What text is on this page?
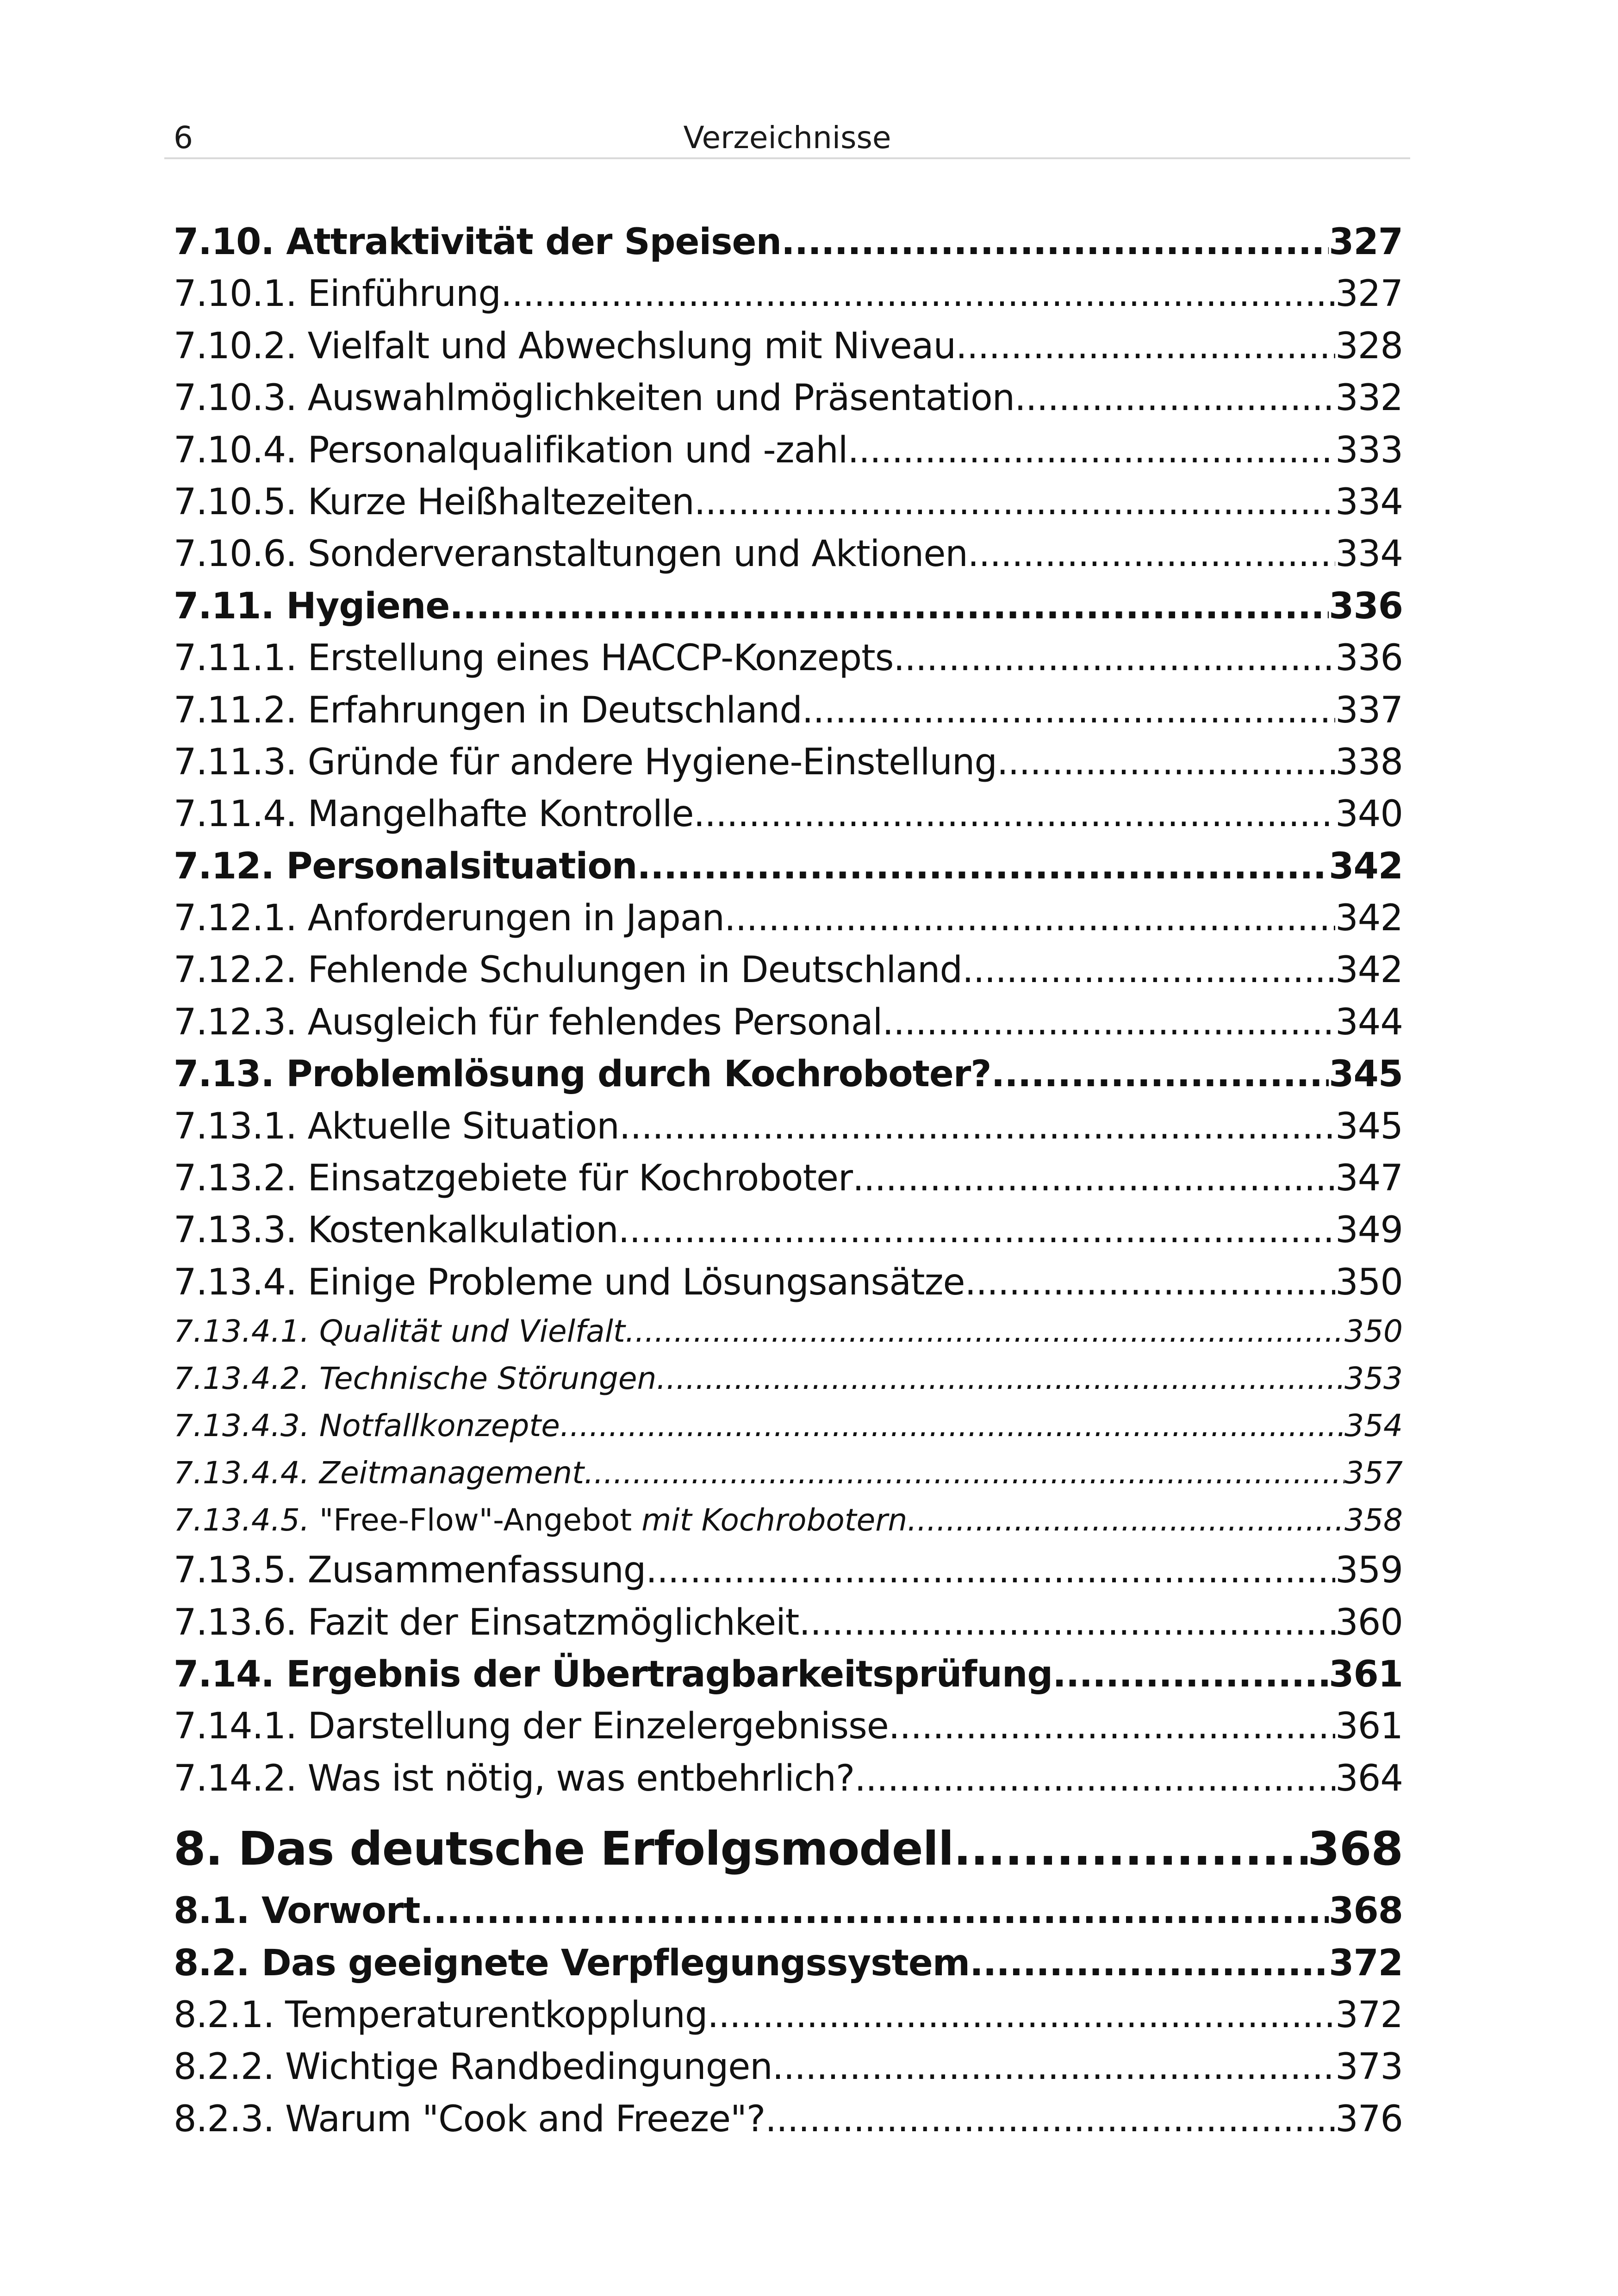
6	Verzeichnisse
7.10. Attraktivität der Speisen .....	327
7.10.1. Einführung .....	327
7.10.2. Vielfalt und Abwechslung mit Niveau .....	328
7.10.3. Auswahlmöglichkeiten und Präsentation .....	332
7.10.4. Personalqualifikation und -zahl .....	333
7.10.5. Kurze Heißhaltezeiten .....	334
7.10.6. Sonderveranstaltungen und Aktionen .....	334
7.11. Hygiene .....	336
7.11.1. Erstellung eines HACCP-Konzepts .....	336
7.11.2. Erfahrungen in Deutschland .....	337
7.11.3. Gründe für andere Hygiene-Einstellung .....	338
7.11.4. Mangelhafte Kontrolle .....	340
7.12. Personalsituation .....	342
7.12.1. Anforderungen in Japan .....	342
7.12.2. Fehlende Schulungen in Deutschland .....	342
7.12.3. Ausgleich für fehlendes Personal .....	344
7.13. Problemlösung durch Kochroboter? .....	345
7.13.1. Aktuelle Situation .....	345
7.13.2. Einsatzgebiete für Kochroboter .....	347
7.13.3. Kostenkalkulation .....	349
7.13.4. Einige Probleme und Lösungsansätze .....	350
7.13.4.1. Qualität und Vielfalt .....	350
7.13.4.2. Technische Störungen .....	353
7.13.4.3. Notfallkonzepte .....	354
7.13.4.4. Zeitmanagement .....	357
7.13.4.5. "Free-Flow"-Angebot mit Kochrobotern .....	358
7.13.5. Zusammenfassung .....	359
7.13.6. Fazit der Einsatzmöglichkeit .....	360
7.14. Ergebnis der Übertragbarkeitsprüfung .....	361
7.14.1. Darstellung der Einzelergebnisse .....	361
7.14.2. Was ist nötig, was entbehrlich? .....	364
8. Das deutsche Erfolgsmodell .....	368
8.1. Vorwort .....	368
8.2. Das geeignete Verpflegungssystem .....	372
8.2.1. Temperaturentkopplung .....	372
8.2.2. Wichtige Randbedingungen .....	373
8.2.3. Warum "Cook and Freeze"? .....	376
